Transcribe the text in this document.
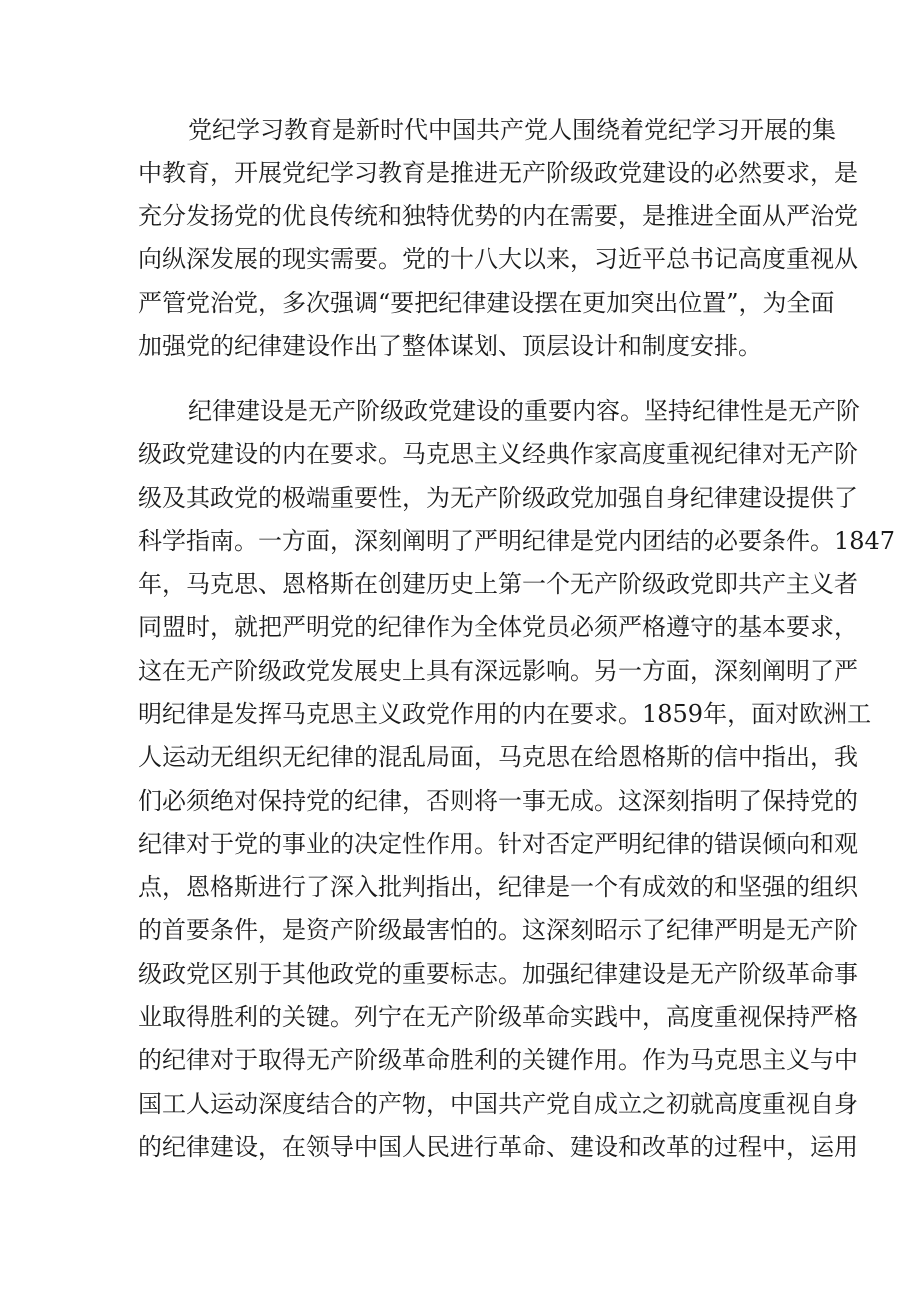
党纪学习教育是新时代中国共产党人围绕着党纪学习开展的集
中教育，开展党纪学习教育是推进无产阶级政党建设的必然要求，是
充分发扬党的优良传统和独特优势的内在需要，是推进全面从严治党
向纵深发展的现实需要。党的十八大以来，习近平总书记高度重视从
严管党治党，多次强调“要把纪律建设摆在更加突出位置”，为全面
加强党的纪律建设作出了整体谋划、顶层设计和制度安排。
纪律建设是无产阶级政党建设的重要内容。坚持纪律性是无产阶
级政党建设的内在要求。马克思主义经典作家高度重视纪律对无产阶
级及其政党的极端重要性，为无产阶级政党加强自身纪律建设提供了
科学指南。一方面，深刻阐明了严明纪律是党内团结的必要条件。1847
年，马克思、恩格斯在创建历史上第一个无产阶级政党即共产主义者
同盟时，就把严明党的纪律作为全体党员必须严格遵守的基本要求，
这在无产阶级政党发展史上具有深远影响。另一方面，深刻阐明了严
明纪律是发挥马克思主义政党作用的内在要求。1859年，面对欧洲工
人运动无组织无纪律的混乱局面，马克思在给恩格斯的信中指出，我
们必须绝对保持党的纪律，否则将一事无成。这深刻指明了保持党的
纪律对于党的事业的决定性作用。针对否定严明纪律的错误倾向和观
点，恩格斯进行了深入批判指出，纪律是一个有成效的和坚强的组织
的首要条件，是资产阶级最害怕的。这深刻昭示了纪律严明是无产阶
级政党区别于其他政党的重要标志。加强纪律建设是无产阶级革命事
业取得胜利的关键。列宁在无产阶级革命实践中，高度重视保持严格
的纪律对于取得无产阶级革命胜利的关键作用。作为马克思主义与中
国工人运动深度结合的产物，中国共产党自成立之初就高度重视自身
的纪律建设，在领导中国人民进行革命、建设和改革的过程中，运用
